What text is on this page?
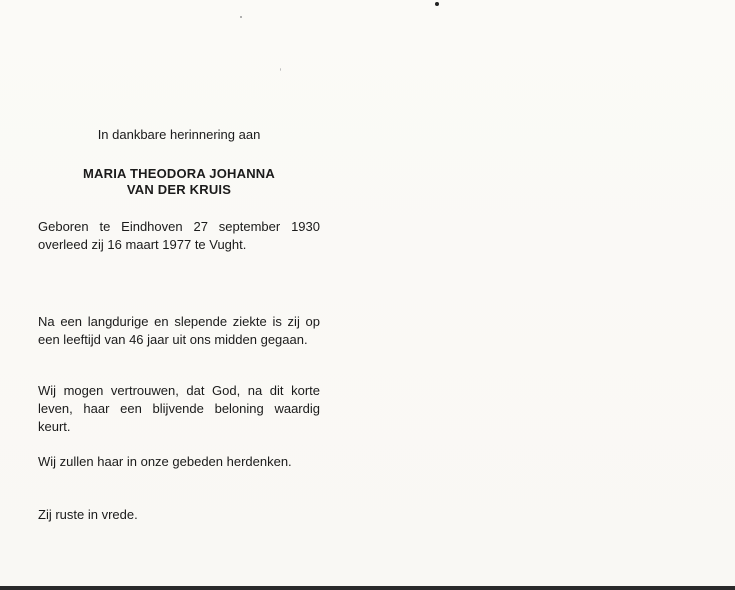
In dankbare herinnering aan
MARIA THEODORA JOHANNA
VAN DER KRUIS

Geboren te Eindhoven 27 september 1930 overleed zij 16 maart 1977 te Vught.

Na een langdurige en slepende ziekte is zij op een leeftijd van 46 jaar uit ons midden gegaan.

Wij mogen vertrouwen, dat God, na dit korte leven, haar een blijvende beloning waardig keurt.

Wij zullen haar in onze gebeden herdenken.

Zij ruste in vrede.
